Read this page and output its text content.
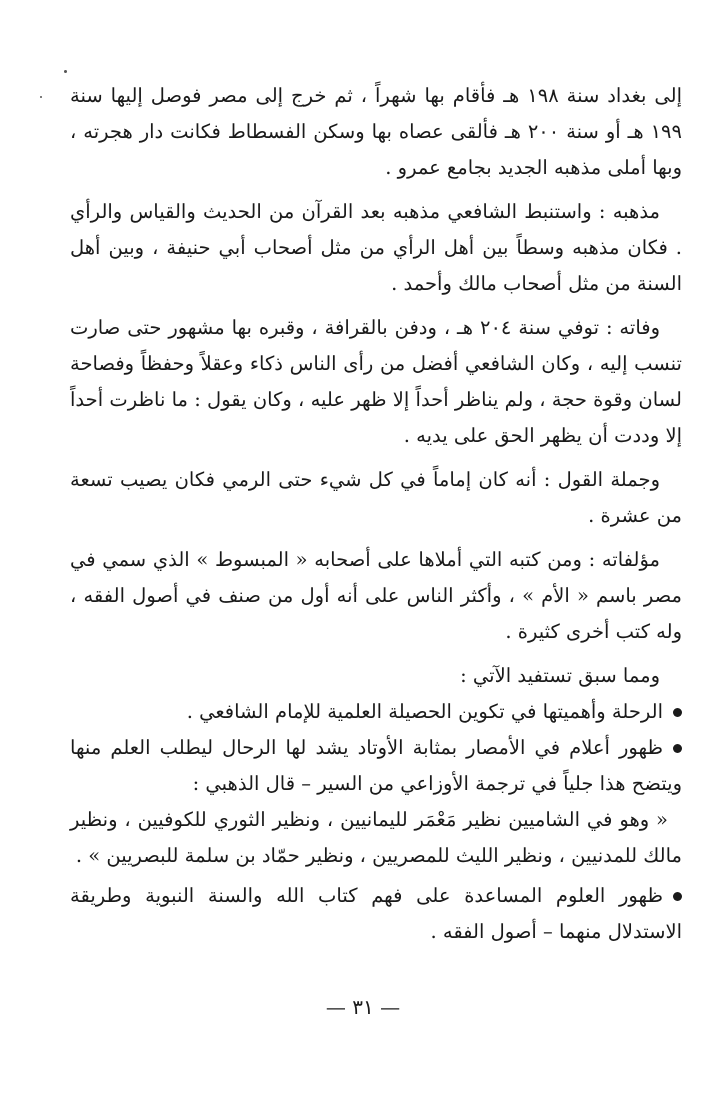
إلى بغداد سنة ١٩٨ هـ فأقام بها شهراً ، ثم خرج إلى مصر فوصل إليها سنة ١٩٩ هـ أو سنة ٢٠٠ هـ فألقى عصاه بها وسكن الفسطاط فكانت دار هجرته ، وبها أملى مذهبه الجديد بجامع عمرو .

مذهبه : واستنبط الشافعي مذهبه بعد القرآن من الحديث والقياس والرأي . فكان مذهبه وسطاً بين أهل الرأي من مثل أصحاب أبي حنيفة ، وبين أهل السنة من مثل أصحاب مالك وأحمد .

وفاته : توفي سنة ٢٠٤ هـ ، ودفن بالقرافة ، وقبره بها مشهور حتى صارت تنسب إليه ، وكان الشافعي أفضل من رأى الناس ذكاء وعقلاً وحفظاً وفصاحة لسان وقوة حجة ، ولم يناظر أحداً إلا ظهر عليه ، وكان يقول : ما ناظرت أحداً إلا وددت أن يظهر الحق على يديه .

وجملة القول : أنه كان إماماً في كل شيء حتى الرمي فكان يصيب تسعة من عشرة .

مؤلفاته : ومن كتبه التي أملاها على أصحابه « المبسوط » الذي سمي في مصر باسم « الأم » ، وأكثر الناس على أنه أول من صنف في أصول الفقه ، وله كتب أخرى كثيرة .

ومما سبق تستفيد الآتي :

الرحلة وأهميتها في تكوين الحصيلة العلمية للإمام الشافعي .

ظهور أعلام في الأمصار بمثابة الأوتاد يشد لها الرحال ليطلب العلم منها ويتضح هذا جلياً في ترجمة الأوزاعي من السير – قال الذهبي :

« وهو في الشاميين نظير مَعْمَر لليمانيين ، ونظير الثوري للكوفيين ، ونظير مالك للمدنيين ، ونظير الليث للمصريين ، ونظير حمّاد بن سلمة للبصريين » .

ظهور العلوم المساعدة على فهم كتاب الله والسنة النبوية وطريقة الاستدلال منهما – أصول الفقه .

— ٣١ —
